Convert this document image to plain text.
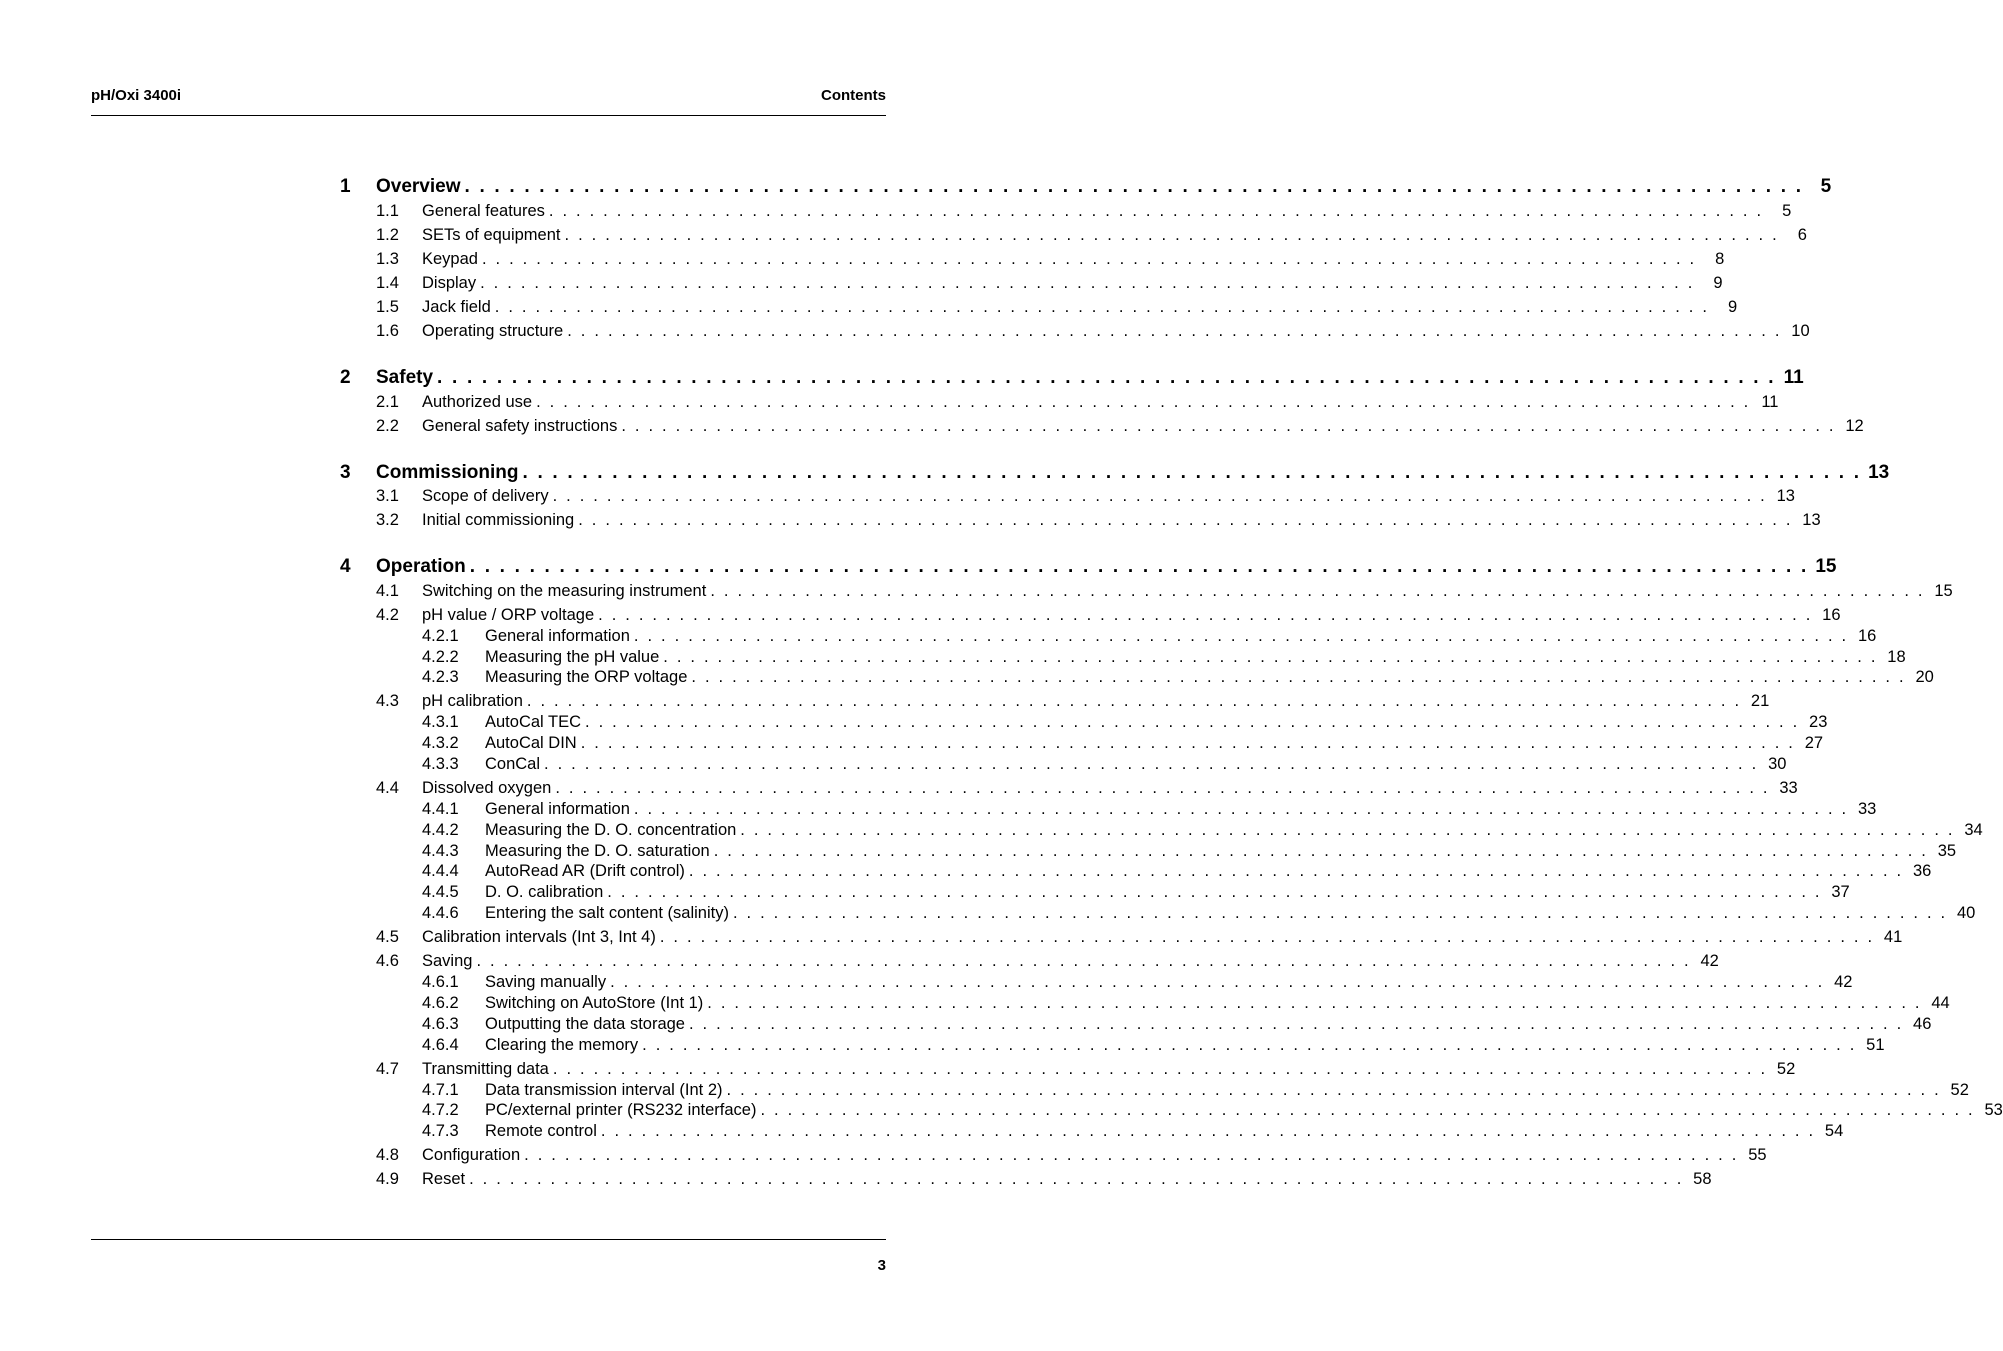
pH/Oxi 3400i	Contents
1 Overview . . . . . . . . . . . . . . . . . . . . . . . . . . . . . . . . . . . . . . . . . . . . . . . . . . . . . . . . . . . . . . . . . . . . . . . . . . . . . . . . . . . . . . . . . . 5
1.1 General features . . . . . . . . . . . . . . . . . . . . . . . . . . . . . . . . . . . . . . . . . . . . . . . . . . . . . . . . . . . . . . . . . . . . . . . . . . . . . . . . . . . . . . . . . .	5
1.2 SETs of equipment . . . . . . . . . . . . . . . . . . . . . . . . . . . . . . . . . . . . . . . . . . . . . . . . . . . . . . . . . . . . . . . . . . . . . . . . . . . . . . . . . . . . . . . . . .	6
1.3 Keypad . . . . . . . . . . . . . . . . . . . . . . . . . . . . . . . . . . . . . . . . . . . . . . . . . . . . . . . . . . . . . . . . . . . . . . . . . . . . . . . . . . . . . . . . . .	8
1.4 Display . . . . . . . . . . . . . . . . . . . . . . . . . . . . . . . . . . . . . . . . . . . . . . . . . . . . . . . . . . . . . . . . . . . . . . . . . . . . . . . . . . . . . . . . . .	9
1.5 Jack field . . . . . . . . . . . . . . . . . . . . . . . . . . . . . . . . . . . . . . . . . . . . . . . . . . . . . . . . . . . . . . . . . . . . . . . . . . . . . . . . . . . . . . . . . .	9
1.6 Operating structure . . . . . . . . . . . . . . . . . . . . . . . . . . . . . . . . . . . . . . . . . . . . . . . . . . . . . . . . . . . . . . . . . . . . . . . . . . . . . . . . . . . . . . . . . . 10
2 Safety . . . . . . . . . . . . . . . . . . . . . . . . . . . . . . . . . . . . . . . . . . . . . . . . . . . . . . . . . . . . . . . . . . . . . . . . . . . . . . . . . . . . . . . . . . 11
2.1 Authorized use . . . . . . . . . . . . . . . . . . . . . . . . . . . . . . . . . . . . . . . . . . . . . . . . . . . . . . . . . . . . . . . . . . . . . . . . . . . . . . . . . . . . . . . . . . 11
2.2 General safety instructions . . . . . . . . . . . . . . . . . . . . . . . . . . . . . . . . . . . . . . . . . . . . . . . . . . . . . . . . . . . . . . . . . . . . . . . . . . . . . . . . . . . . . . . . . . 12
3 Commissioning . . . . . . . . . . . . . . . . . . . . . . . . . . . . . . . . . . . . . . . . . . . . . . . . . . . . . . . . . . . . . . . . . . . . . . . . . . . . . . . . . . . . . . . . . . 13
3.1 Scope of delivery . . . . . . . . . . . . . . . . . . . . . . . . . . . . . . . . . . . . . . . . . . . . . . . . . . . . . . . . . . . . . . . . . . . . . . . . . . . . . . . . . . . . . . . . . . 13
3.2 Initial commissioning . . . . . . . . . . . . . . . . . . . . . . . . . . . . . . . . . . . . . . . . . . . . . . . . . . . . . . . . . . . . . . . . . . . . . . . . . . . . . . . . . . . . . . . . . . 13
4 Operation . . . . . . . . . . . . . . . . . . . . . . . . . . . . . . . . . . . . . . . . . . . . . . . . . . . . . . . . . . . . . . . . . . . . . . . . . . . . . . . . . . . . . . . . . . 15
4.1 Switching on the measuring instrument . . . . . . . . . . . . . . . . . . . . . . . . . . . . . . . . . . . . . . . . . . . . . . . . . . . . . . . . . . . . . . . . . . . . . . . . . . . . . . . . . . . . . . . . . . 15
4.2 pH value / ORP voltage . . . . . . . . . . . . . . . . . . . . . . . . . . . . . . . . . . . . . . . . . . . . . . . . . . . . . . . . . . . . . . . . . . . . . . . . . . . . . . . . . . . . . . . . . . 16
4.2.1 General information . . . . . . . . . . . . . . . . . . . . . . . . . . . . . . . . . . . . . . . . . . . . . . . . . . . . . . . . . . . . . . . . . . . . . . . . . . . . . . . . . . . . . . . . . . 16
4.2.2 Measuring the pH value . . . . . . . . . . . . . . . . . . . . . . . . . . . . . . . . . . . . . . . . . . . . . . . . . . . . . . . . . . . . . . . . . . . . . . . . . . . . . . . . . . . . . . . . . . 18
4.2.3 Measuring the ORP voltage . . . . . . . . . . . . . . . . . . . . . . . . . . . . . . . . . . . . . . . . . . . . . . . . . . . . . . . . . . . . . . . . . . . . . . . . . . . . . . . . . . . . . . . . . . 20
4.3 pH calibration . . . . . . . . . . . . . . . . . . . . . . . . . . . . . . . . . . . . . . . . . . . . . . . . . . . . . . . . . . . . . . . . . . . . . . . . . . . . . . . . . . . . . . . . . . 21
4.3.1 AutoCal TEC . . . . . . . . . . . . . . . . . . . . . . . . . . . . . . . . . . . . . . . . . . . . . . . . . . . . . . . . . . . . . . . . . . . . . . . . . . . . . . . . . . . . . . . . . . 23
4.3.2 AutoCal DIN . . . . . . . . . . . . . . . . . . . . . . . . . . . . . . . . . . . . . . . . . . . . . . . . . . . . . . . . . . . . . . . . . . . . . . . . . . . . . . . . . . . . . . . . . . 27
4.3.3 ConCal . . . . . . . . . . . . . . . . . . . . . . . . . . . . . . . . . . . . . . . . . . . . . . . . . . . . . . . . . . . . . . . . . . . . . . . . . . . . . . . . . . . . . . . . . . 30
4.4 Dissolved oxygen . . . . . . . . . . . . . . . . . . . . . . . . . . . . . . . . . . . . . . . . . . . . . . . . . . . . . . . . . . . . . . . . . . . . . . . . . . . . . . . . . . . . . . . . . . 33
4.4.1 General information . . . . . . . . . . . . . . . . . . . . . . . . . . . . . . . . . . . . . . . . . . . . . . . . . . . . . . . . . . . . . . . . . . . . . . . . . . . . . . . . . . . . . . . . . . 33
4.4.2 Measuring the D. O. concentration . . . . . . . . . . . . . . . . . . . . . . . . . . . . . . . . . . . . . . . . . . . . . . . . . . . . . . . . . . . . . . . . . . . . . . . . . . . . . . . . . . . . . . . . . . 34
4.4.3 Measuring the D. O. saturation . . . . . . . . . . . . . . . . . . . . . . . . . . . . . . . . . . . . . . . . . . . . . . . . . . . . . . . . . . . . . . . . . . . . . . . . . . . . . . . . . . . . . . . . . . 35
4.4.4 AutoRead AR (Drift control) . . . . . . . . . . . . . . . . . . . . . . . . . . . . . . . . . . . . . . . . . . . . . . . . . . . . . . . . . . . . . . . . . . . . . . . . . . . . . . . . . . . . . . . . . . 36
4.4.5 D. O. calibration . . . . . . . . . . . . . . . . . . . . . . . . . . . . . . . . . . . . . . . . . . . . . . . . . . . . . . . . . . . . . . . . . . . . . . . . . . . . . . . . . . . . . . . . . . 37
4.4.6 Entering the salt content (salinity) . . . . . . . . . . . . . . . . . . . . . . . . . . . . . . . . . . . . . . . . . . . . . . . . . . . . . . . . . . . . . . . . . . . . . . . . . . . . . . . . . . . . . . . . . . 40
4.5 Calibration intervals (Int 3, Int 4) . . . . . . . . . . . . . . . . . . . . . . . . . . . . . . . . . . . . . . . . . . . . . . . . . . . . . . . . . . . . . . . . . . . . . . . . . . . . . . . . . . . . . . . . . . 41
4.6 Saving . . . . . . . . . . . . . . . . . . . . . . . . . . . . . . . . . . . . . . . . . . . . . . . . . . . . . . . . . . . . . . . . . . . . . . . . . . . . . . . . . . . . . . . . . . 42
4.6.1 Saving manually . . . . . . . . . . . . . . . . . . . . . . . . . . . . . . . . . . . . . . . . . . . . . . . . . . . . . . . . . . . . . . . . . . . . . . . . . . . . . . . . . . . . . . . . . . 42
4.6.2 Switching on AutoStore (Int 1) . . . . . . . . . . . . . . . . . . . . . . . . . . . . . . . . . . . . . . . . . . . . . . . . . . . . . . . . . . . . . . . . . . . . . . . . . . . . . . . . . . . . . . . . . . 44
4.6.3 Outputting the data storage . . . . . . . . . . . . . . . . . . . . . . . . . . . . . . . . . . . . . . . . . . . . . . . . . . . . . . . . . . . . . . . . . . . . . . . . . . . . . . . . . . . . . . . . . . 46
4.6.4 Clearing the memory . . . . . . . . . . . . . . . . . . . . . . . . . . . . . . . . . . . . . . . . . . . . . . . . . . . . . . . . . . . . . . . . . . . . . . . . . . . . . . . . . . . . . . . . . . 51
4.7 Transmitting data . . . . . . . . . . . . . . . . . . . . . . . . . . . . . . . . . . . . . . . . . . . . . . . . . . . . . . . . . . . . . . . . . . . . . . . . . . . . . . . . . . . . . . . . . . 52
4.7.1 Data transmission interval (Int 2) . . . . . . . . . . . . . . . . . . . . . . . . . . . . . . . . . . . . . . . . . . . . . . . . . . . . . . . . . . . . . . . . . . . . . . . . . . . . . . . . . . . . . . . . . . 52
4.7.2 PC/external printer (RS232 interface) . . . . . . . . . . . . . . . . . . . . . . . . . . . . . . . . . . . . . . . . . . . . . . . . . . . . . . . . . . . . . . . . . . . . . . . . . . . . . . . . . . . . . . . . . . 53
4.7.3 Remote control . . . . . . . . . . . . . . . . . . . . . . . . . . . . . . . . . . . . . . . . . . . . . . . . . . . . . . . . . . . . . . . . . . . . . . . . . . . . . . . . . . . . . . . . . . 54
4.8 Configuration . . . . . . . . . . . . . . . . . . . . . . . . . . . . . . . . . . . . . . . . . . . . . . . . . . . . . . . . . . . . . . . . . . . . . . . . . . . . . . . . . . . . . . . . . . 55
4.9 Reset . . . . . . . . . . . . . . . . . . . . . . . . . . . . . . . . . . . . . . . . . . . . . . . . . . . . . . . . . . . . . . . . . . . . . . . . . . . . . . . . . . . . . . . . . . 58
3
